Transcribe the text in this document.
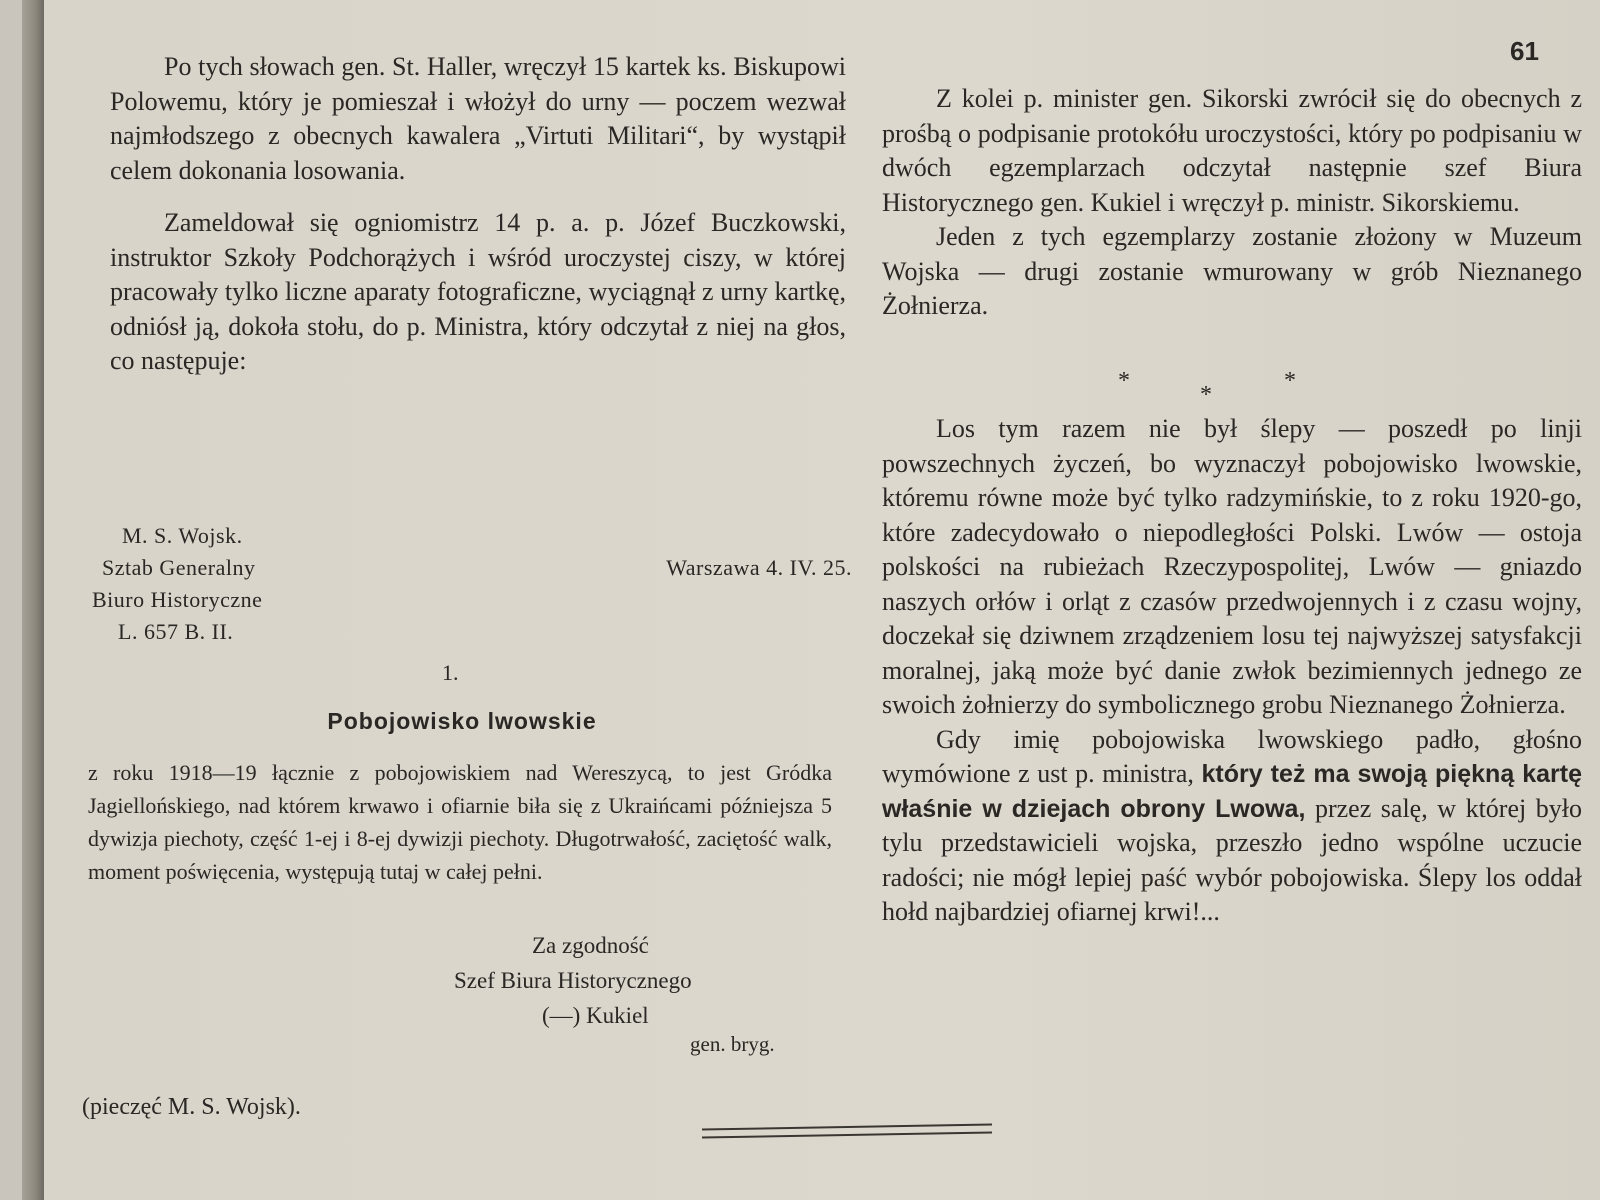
61

Po tych słowach gen. St. Haller, wręczył 15 kartek ks. Biskupowi Polowemu, który je pomieszał i włożył do urny — poczem wezwał najmłodszego z obecnych kawalera „Virtuti Militari“, by wystąpił celem dokonania losowania.

Zameldował się ogniomistrz 14 p. a. p. Józef Buczkowski, instruktor Szkoły Podchorążych i wśród uroczystej ciszy, w której pracowały tylko liczne aparaty fotograficzne, wyciągnął z urny kartkę, odniósł ją, dokoła stołu, do p. Ministra, który odczytał z niej na głos, co następuje:

M. S. Wojsk.
Sztab Generalny
Biuro Historyczne
L. 657 B. II.
Warszawa 4. IV. 25.
1.
Pobojowisko lwowskie

z roku 1918—19 łącznie z pobojowiskiem nad Wereszycą, to jest Gródka Jagiellońskiego, nad którem krwawo i ofiarnie biła się z Ukraińcami późniejsza 5 dywizja piechoty, część 1-ej i 8-ej dywizji piechoty. Długotrwałość, zaciętość walk, moment poświęcenia, występują tutaj w całej pełni.

Za zgodność
Szef Biura Historycznego
(—) Kukiel
gen. bryg.
(pieczęć M. S. Wojsk).

Z kolei p. minister gen. Sikorski zwrócił się do obecnych z prośbą o podpisanie protokółu uroczystości, który po podpisaniu w dwóch egzemplarzach odczytał następnie szef Biura Historycznego gen. Kukiel i wręczył p. ministr. Sikorskiemu.

Jeden z tych egzemplarzy zostanie złożony w Muzeum Wojska — drugi zostanie wmurowany w grób Nieznanego Żołnierza.

*
*
*

Los tym razem nie był ślepy — poszedł po linji powszechnych życzeń, bo wyznaczył pobojowisko lwowskie, któremu równe może być tylko radzymińskie, to z roku 1920-go, które zadecydowało o niepodległości Polski. Lwów — ostoja polskości na rubieżach Rzeczypospolitej, Lwów — gniazdo naszych orłów i orląt z czasów przedwojennych i z czasu wojny, doczekał się dziwnem zrządzeniem losu tej najwyższej satysfakcji moralnej, jaką może być danie zwłok bezimiennych jednego ze swoich żołnierzy do symbolicznego grobu Nieznanego Żołnierza.

Gdy imię pobojowiska lwowskiego padło, głośno wymówione z ust p. ministra, który też ma swoją piękną kartę właśnie w dziejach obrony Lwowa, przez salę, w której było tylu przedstawicieli wojska, przeszło jedno wspólne uczucie radości; nie mógł lepiej paść wybór pobojowiska. Ślepy los oddał hołd najbardziej ofiarnej krwi!...
